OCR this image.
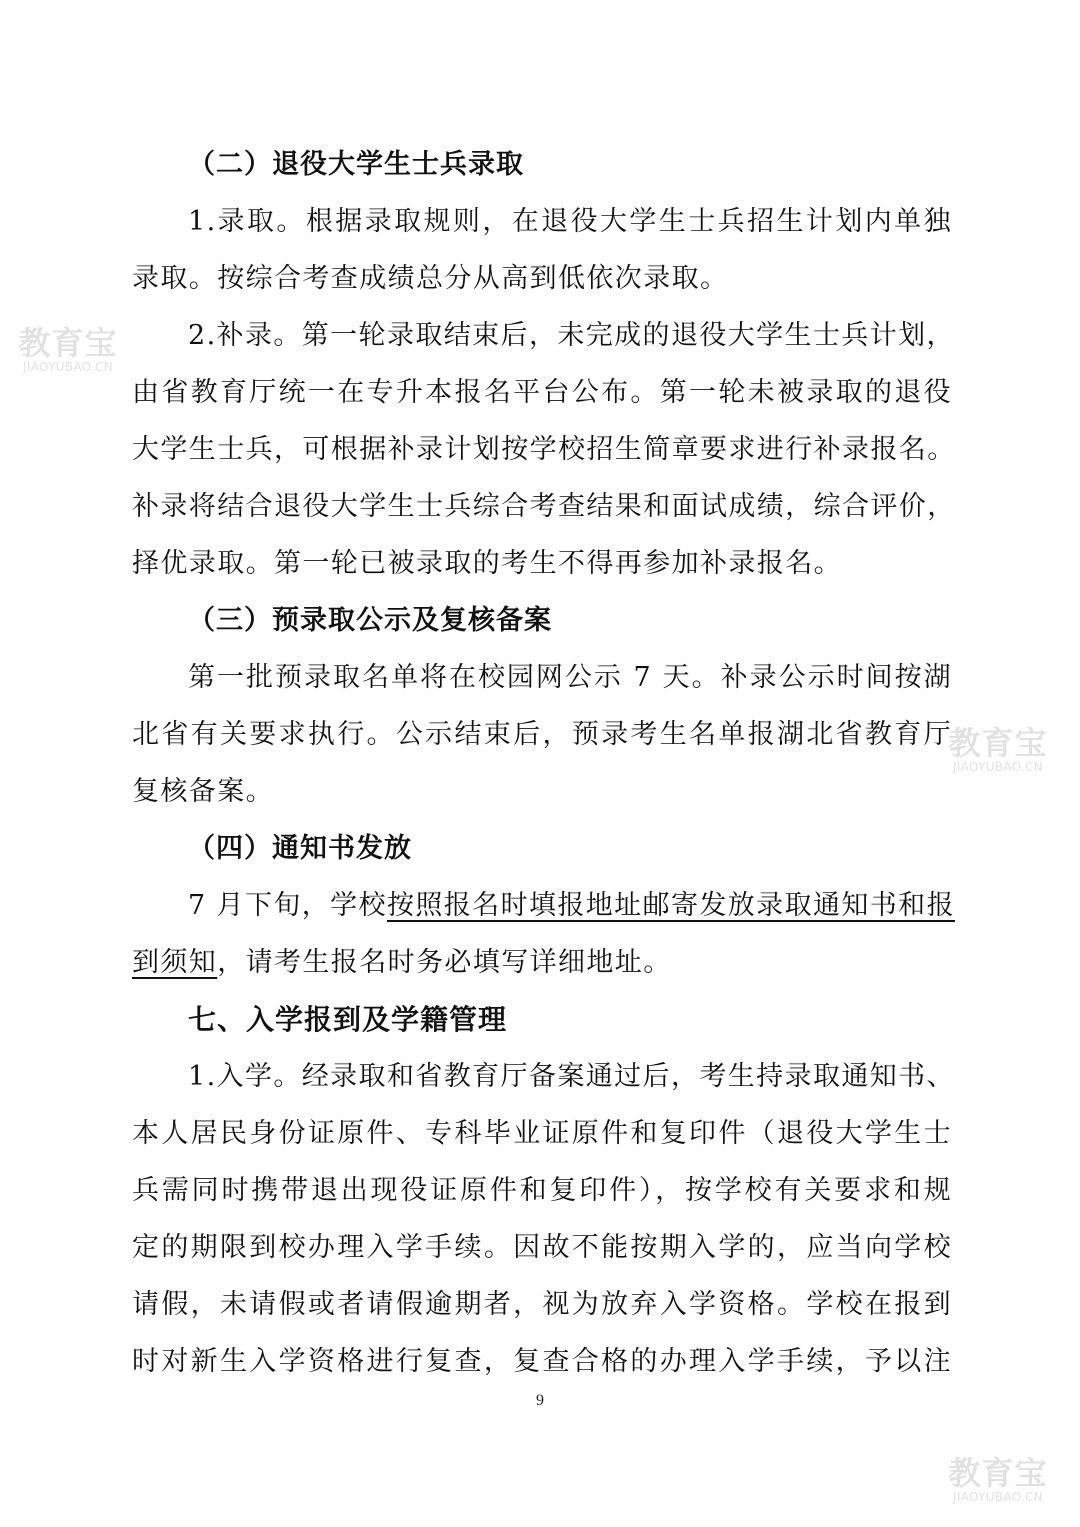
（二）退役大学生士兵录取
1.录取。根据录取规则，在退役大学生士兵招生计划内单独
录取。按综合考查成绩总分从高到低依次录取。
2.补录。第一轮录取结束后，未完成的退役大学生士兵计划，
由省教育厅统一在专升本报名平台公布。第一轮未被录取的退役
大学生士兵，可根据补录计划按学校招生简章要求进行补录报名。
补录将结合退役大学生士兵综合考查结果和面试成绩，综合评价，
择优录取。第一轮已被录取的考生不得再参加补录报名。
（三）预录取公示及复核备案
第一批预录取名单将在校园网公示 7 天。补录公示时间按湖
北省有关要求执行。公示结束后，预录考生名单报湖北省教育厅
复核备案。
（四）通知书发放
7 月下旬，学校按照报名时填报地址邮寄发放录取通知书和报
到须知，请考生报名时务必填写详细地址。
七、入学报到及学籍管理
1.入学。经录取和省教育厅备案通过后，考生持录取通知书、
本人居民身份证原件、专科毕业证原件和复印件（退役大学生士
兵需同时携带退出现役证原件和复印件），按学校有关要求和规
定的期限到校办理入学手续。因故不能按期入学的，应当向学校
请假，未请假或者请假逾期者，视为放弃入学资格。学校在报到
时对新生入学资格进行复查，复查合格的办理入学手续，予以注
9
教育宝
JIAOYUBAO.CN
教育宝
JIAOYUBAO.CN
教育宝
JIAOYUBAO.CN
